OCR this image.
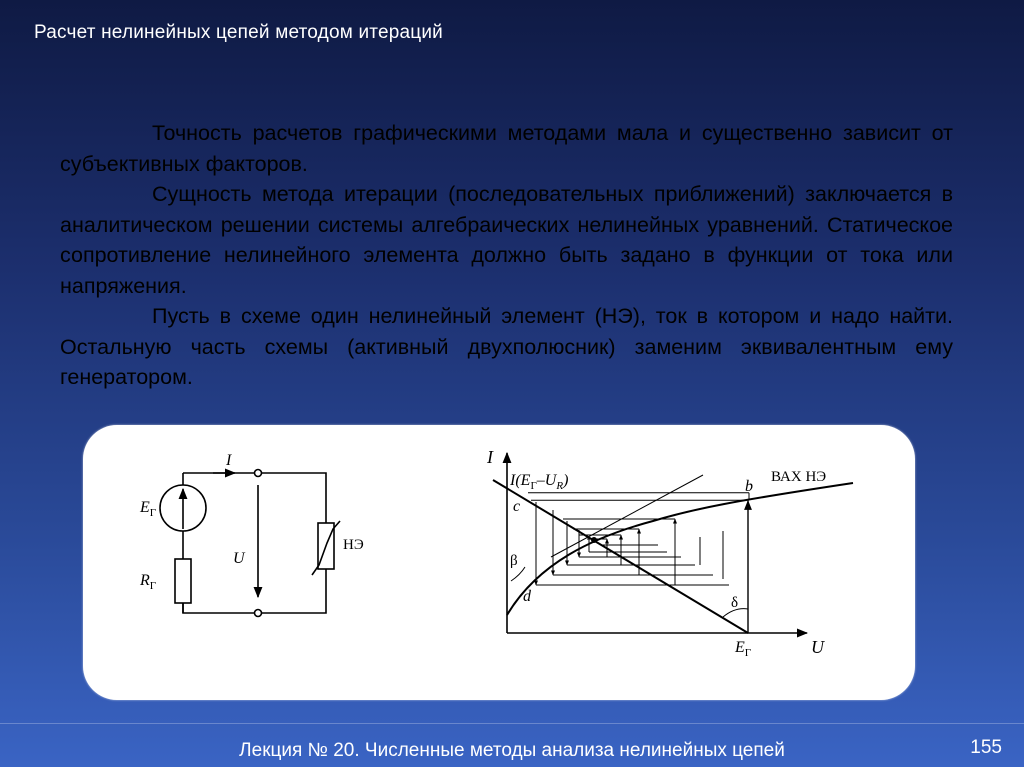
Расчет нелинейных цепей методом итераций

Точность расчетов графическими методами мала и существенно зависит от субъективных факторов.

Сущность метода итерации (последовательных приближений) заключается в аналитическом решении системы алгебраических нелинейных уравнений. Статическое сопротивление нелинейного элемента должно быть задано в функции от тока или напряжения.

Пусть в схеме один нелинейный элемент (НЭ), ток в котором и надо найти. Остальную часть схемы (активный двухполюсник) заменим эквивалентным ему генератором.

I
U
$E_Г$
$R_Г$
НЭ
I
U
$I(E_Г-U_R)$	ВАХ НЭ
b
c
d
β
δ
$E_Г$
Лекция № 20. Численные методы анализа нелинейных цепей	155
